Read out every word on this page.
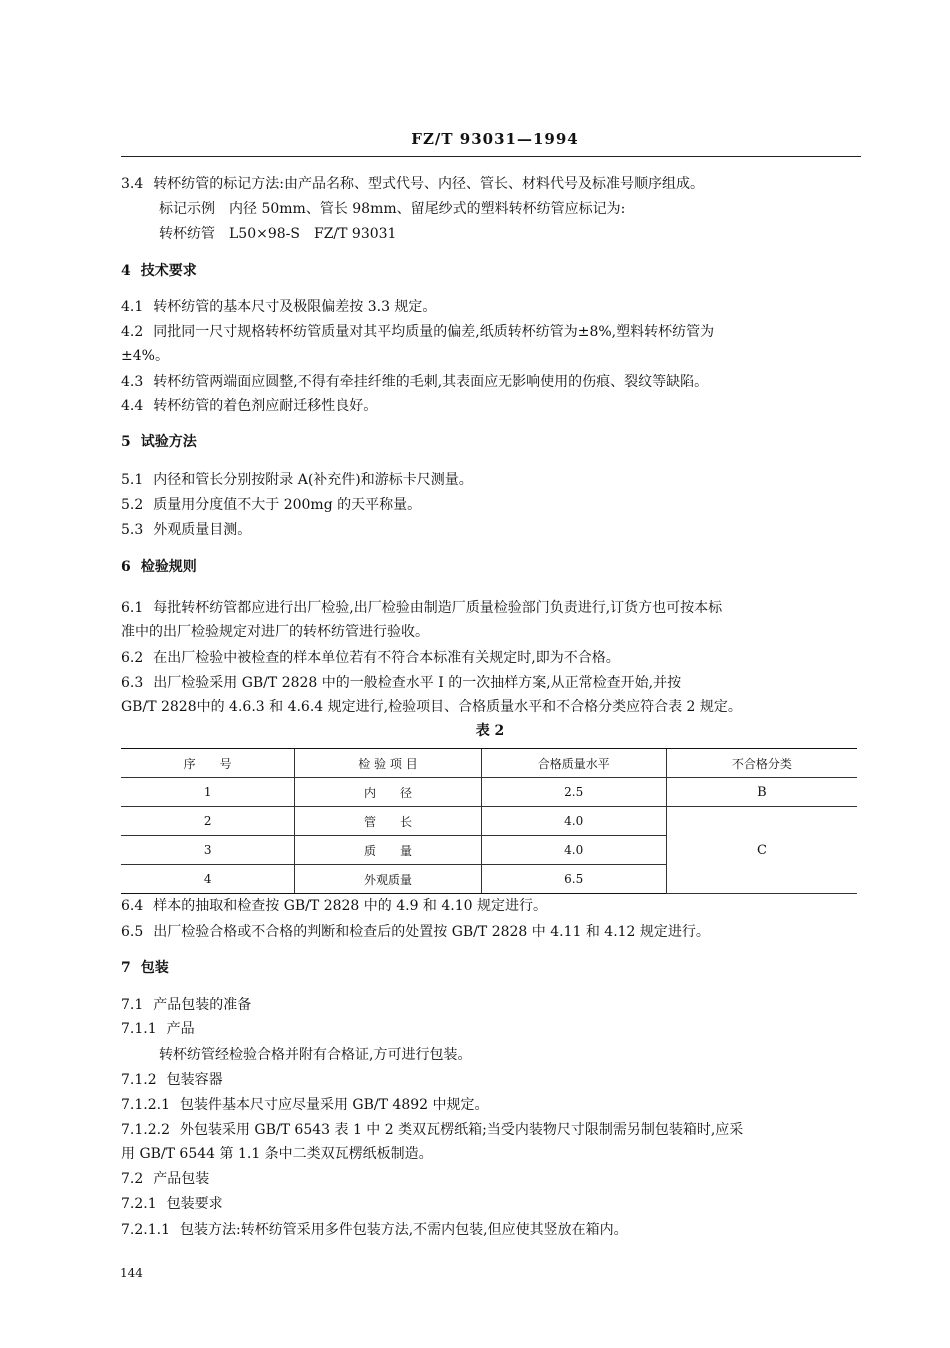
FZ/T 93031—1994
3.4 转杯纺管的标记方法:由产品名称、型式代号、内径、管长、材料代号及标准号顺序组成。
标记示例　内径 50mm、管长 98mm、留尾纱式的塑料转杯纺管应标记为:
转杯纺管　L50×98-S　FZ/T 93031
4 技术要求
4.1 转杯纺管的基本尺寸及极限偏差按 3.3 规定。
4.2 同批同一尺寸规格转杯纺管质量对其平均质量的偏差,纸质转杯纺管为±8%,塑料转杯纺管为
±4%。
4.3 转杯纺管两端面应圆整,不得有牵挂纤维的毛刺,其表面应无影响使用的伤痕、裂纹等缺陷。
4.4 转杯纺管的着色剂应耐迁移性良好。
5 试验方法
5.1 内径和管长分别按附录 A(补充件)和游标卡尺测量。
5.2 质量用分度值不大于 200mg 的天平称量。
5.3 外观质量目测。
6 检验规则
6.1 每批转杯纺管都应进行出厂检验,出厂检验由制造厂质量检验部门负责进行,订货方也可按本标
准中的出厂检验规定对进厂的转杯纺管进行验收。
6.2 在出厂检验中被检查的样本单位若有不符合本标准有关规定时,即为不合格。
6.3 出厂检验采用 GB/T 2828 中的一般检查水平 I 的一次抽样方案,从正常检查开始,并按
GB/T 2828中的 4.6.3 和 4.6.4 规定进行,检验项目、合格质量水平和不合格分类应符合表 2 规定。
表 2
序　　号	检 验 项 目	合格质量水平	不合格分类
1	内　　径	2.5	B
2	管　　长	4.0	C
3	质　　量	4.0	
4	外观质量	6.5	
6.4 样本的抽取和检查按 GB/T 2828 中的 4.9 和 4.10 规定进行。
6.5 出厂检验合格或不合格的判断和检查后的处置按 GB/T 2828 中 4.11 和 4.12 规定进行。
7 包装
7.1 产品包装的准备
7.1.1 产品
转杯纺管经检验合格并附有合格证,方可进行包装。
7.1.2 包装容器
7.1.2.1 包装件基本尺寸应尽量采用 GB/T 4892 中规定。
7.1.2.2 外包装采用 GB/T 6543 表 1 中 2 类双瓦楞纸箱;当受内装物尺寸限制需另制包装箱时,应采
用 GB/T 6544 第 1.1 条中二类双瓦楞纸板制造。
7.2 产品包装
7.2.1 包装要求
7.2.1.1 包装方法:转杯纺管采用多件包装方法,不需内包装,但应使其竖放在箱内。
144
